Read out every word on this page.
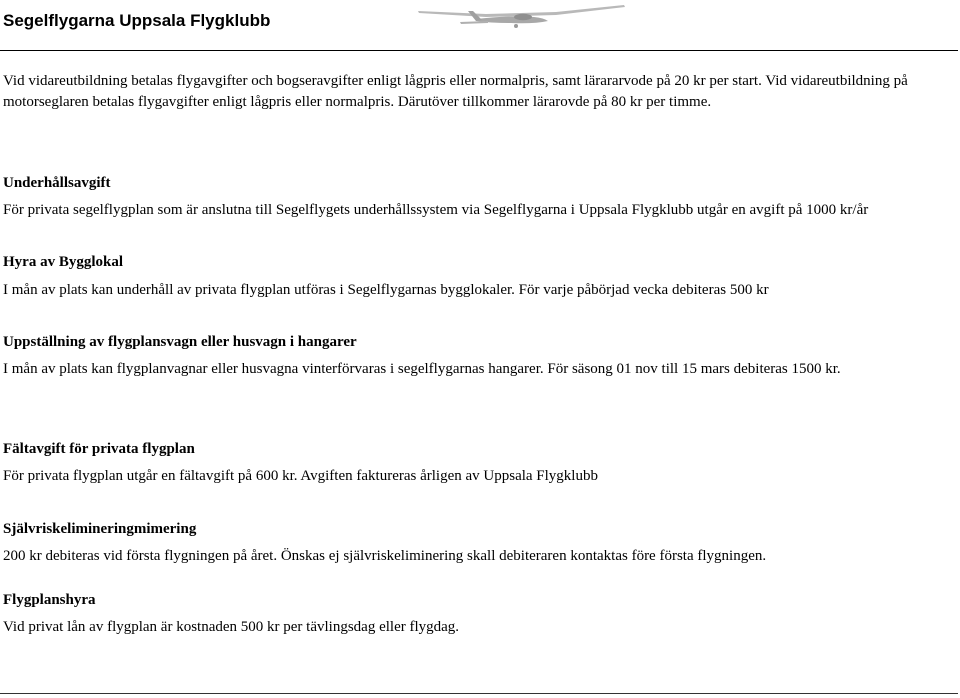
Segelflygarna Uppsala Flygklubb
Vid vidareutbildning betalas flygavgifter och bogseravgifter enligt lågpris eller normalpris, samt lärararvode på 20 kr per start. Vid vidareutbildning på motorseglaren betalas flygavgifter enligt lågpris eller normalpris. Därutöver tillkommer lärarovde på 80 kr per timme.
Underhållsavgift
För privata segelflygplan som är anslutna till Segelflygets underhållssystem via Segelflygarna i Uppsala Flygklubb utgår en avgift på 1000 kr/år
Hyra av Bygglokal
I mån av plats kan underhåll av privata flygplan utföras i Segelflygarnas bygglokaler. För varje påbörjad vecka debiteras 500 kr
Uppställning av flygplansvagn eller husvagn i hangarer
I mån av plats kan flygplanvagnar eller husvagna vinterförvaras i segelflygarnas hangarer. För säsong 01 nov till 15 mars debiteras 1500 kr.
Fältavgift för privata flygplan
För privata flygplan utgår en fältavgift på 600 kr. Avgiften faktureras årligen av Uppsala Flygklubb
Självriskelimineringmimering
200 kr debiteras vid första flygningen på året. Önskas ej självriskeliminering skall debiteraren kontaktas före första flygningen.
Flygplanshyra
Vid privat lån av flygplan är kostnaden 500 kr per tävlingsdag eller flygdag.
